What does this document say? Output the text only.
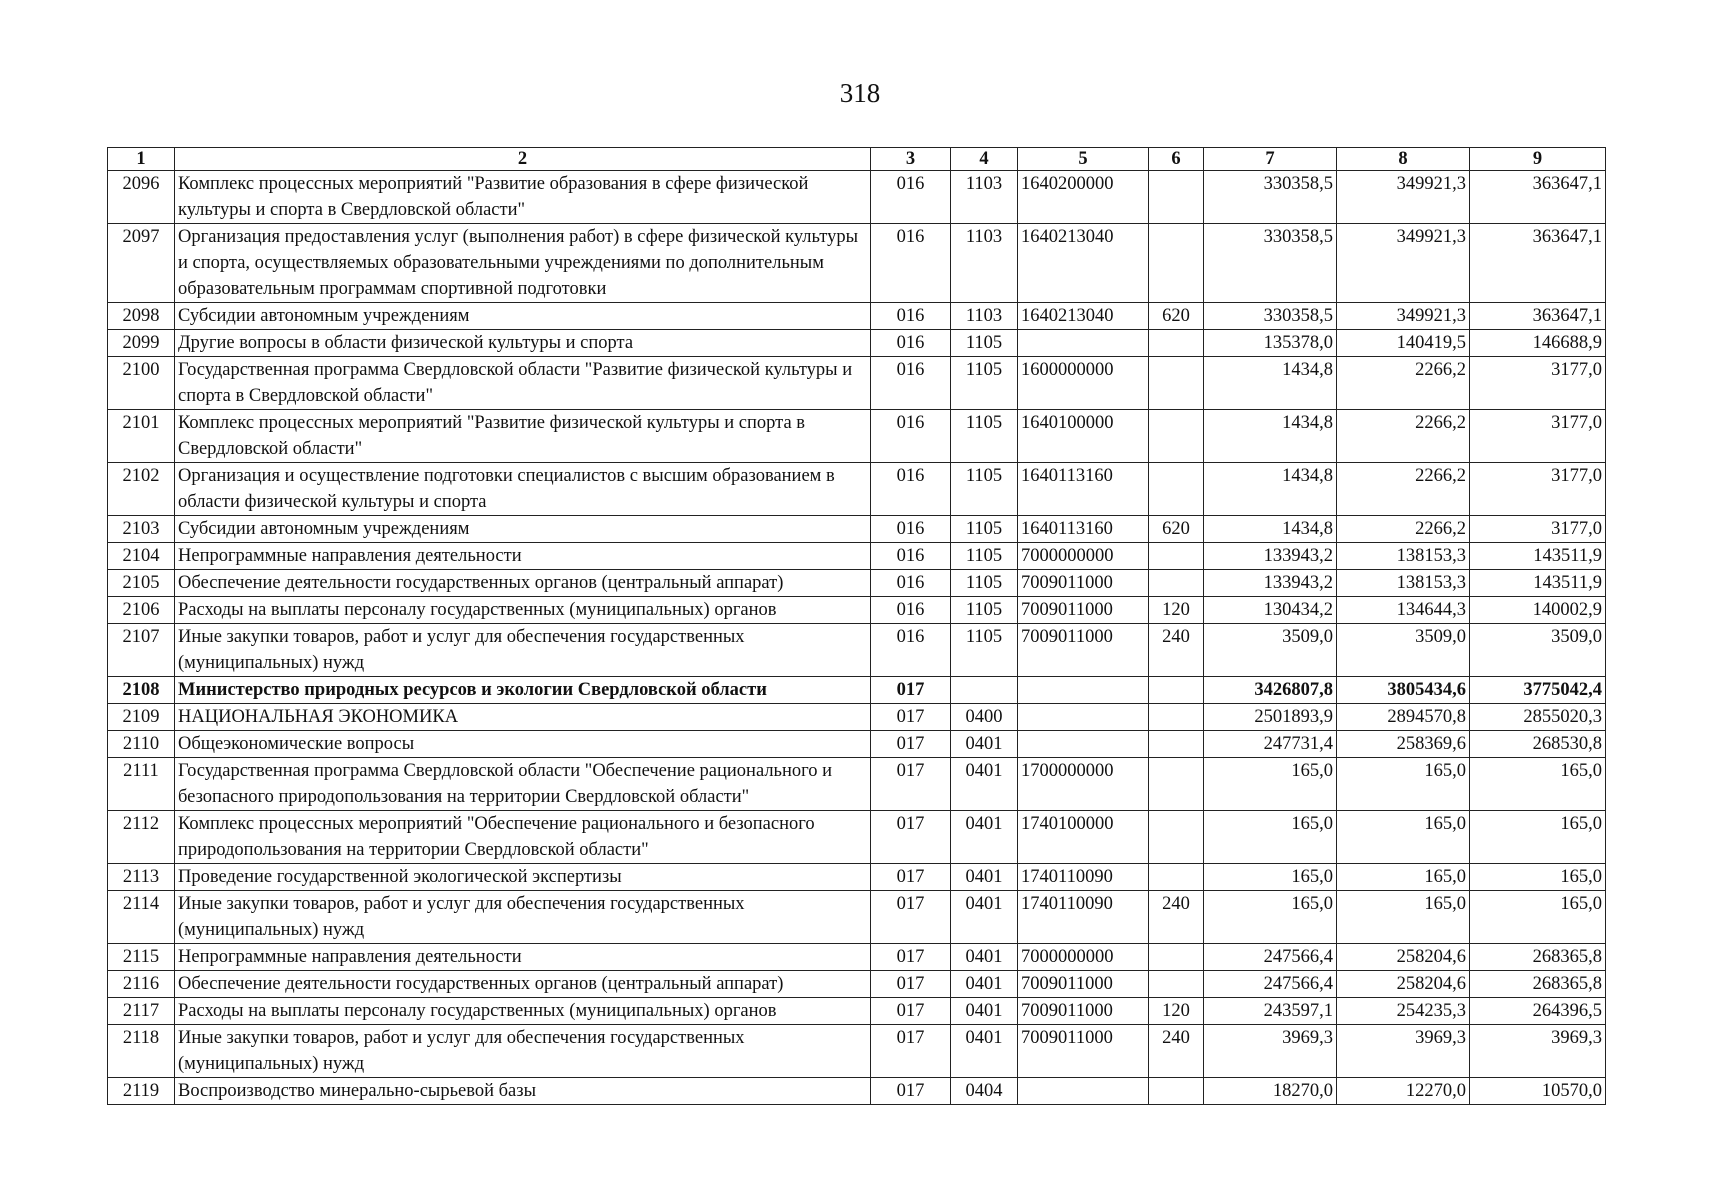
318
1	2	3	4	5	6	7	8	9
2096	Комплекс процессных мероприятий "Развитие образования в сфере физической культуры и спорта в Свердловской области"	016	1103	1640200000		330358,5	349921,3	363647,1
2097	Организация предоставления услуг (выполнения работ) в сфере физической культуры и спорта, осуществляемых образовательными учреждениями по дополнительным образовательным программам спортивной подготовки	016	1103	1640213040		330358,5	349921,3	363647,1
2098	Субсидии автономным учреждениям	016	1103	1640213040	620	330358,5	349921,3	363647,1
2099	Другие вопросы в области физической культуры и спорта	016	1105			135378,0	140419,5	146688,9
2100	Государственная программа Свердловской области "Развитие физической культуры и спорта в Свердловской области"	016	1105	1600000000		1434,8	2266,2	3177,0
2101	Комплекс процессных мероприятий "Развитие физической культуры и спорта в Свердловской области"	016	1105	1640100000		1434,8	2266,2	3177,0
2102	Организация и осуществление подготовки специалистов с высшим образованием в области физической культуры и спорта	016	1105	1640113160		1434,8	2266,2	3177,0
2103	Субсидии автономным учреждениям	016	1105	1640113160	620	1434,8	2266,2	3177,0
2104	Непрограммные направления деятельности	016	1105	7000000000		133943,2	138153,3	143511,9
2105	Обеспечение деятельности государственных органов (центральный аппарат)	016	1105	7009011000		133943,2	138153,3	143511,9
2106	Расходы на выплаты персоналу государственных (муниципальных) органов	016	1105	7009011000	120	130434,2	134644,3	140002,9
2107	Иные закупки товаров, работ и услуг для обеспечения государственных (муниципальных) нужд	016	1105	7009011000	240	3509,0	3509,0	3509,0
2108	Министерство природных ресурсов и экологии Свердловской области	017				3426807,8	3805434,6	3775042,4
2109	НАЦИОНАЛЬНАЯ ЭКОНОМИКА	017	0400			2501893,9	2894570,8	2855020,3
2110	Общеэкономические вопросы	017	0401			247731,4	258369,6	268530,8
2111	Государственная программа Свердловской области "Обеспечение рационального и безопасного природопользования на территории Свердловской области"	017	0401	1700000000		165,0	165,0	165,0
2112	Комплекс процессных мероприятий "Обеспечение рационального и безопасного природопользования на территории Свердловской области"	017	0401	1740100000		165,0	165,0	165,0
2113	Проведение государственной экологической экспертизы	017	0401	1740110090		165,0	165,0	165,0
2114	Иные закупки товаров, работ и услуг для обеспечения государственных (муниципальных) нужд	017	0401	1740110090	240	165,0	165,0	165,0
2115	Непрограммные направления деятельности	017	0401	7000000000		247566,4	258204,6	268365,8
2116	Обеспечение деятельности государственных органов (центральный аппарат)	017	0401	7009011000		247566,4	258204,6	268365,8
2117	Расходы на выплаты персоналу государственных (муниципальных) органов	017	0401	7009011000	120	243597,1	254235,3	264396,5
2118	Иные закупки товаров, работ и услуг для обеспечения государственных (муниципальных) нужд	017	0401	7009011000	240	3969,3	3969,3	3969,3
2119	Воспроизводство минерально-сырьевой базы	017	0404			18270,0	12270,0	10570,0
